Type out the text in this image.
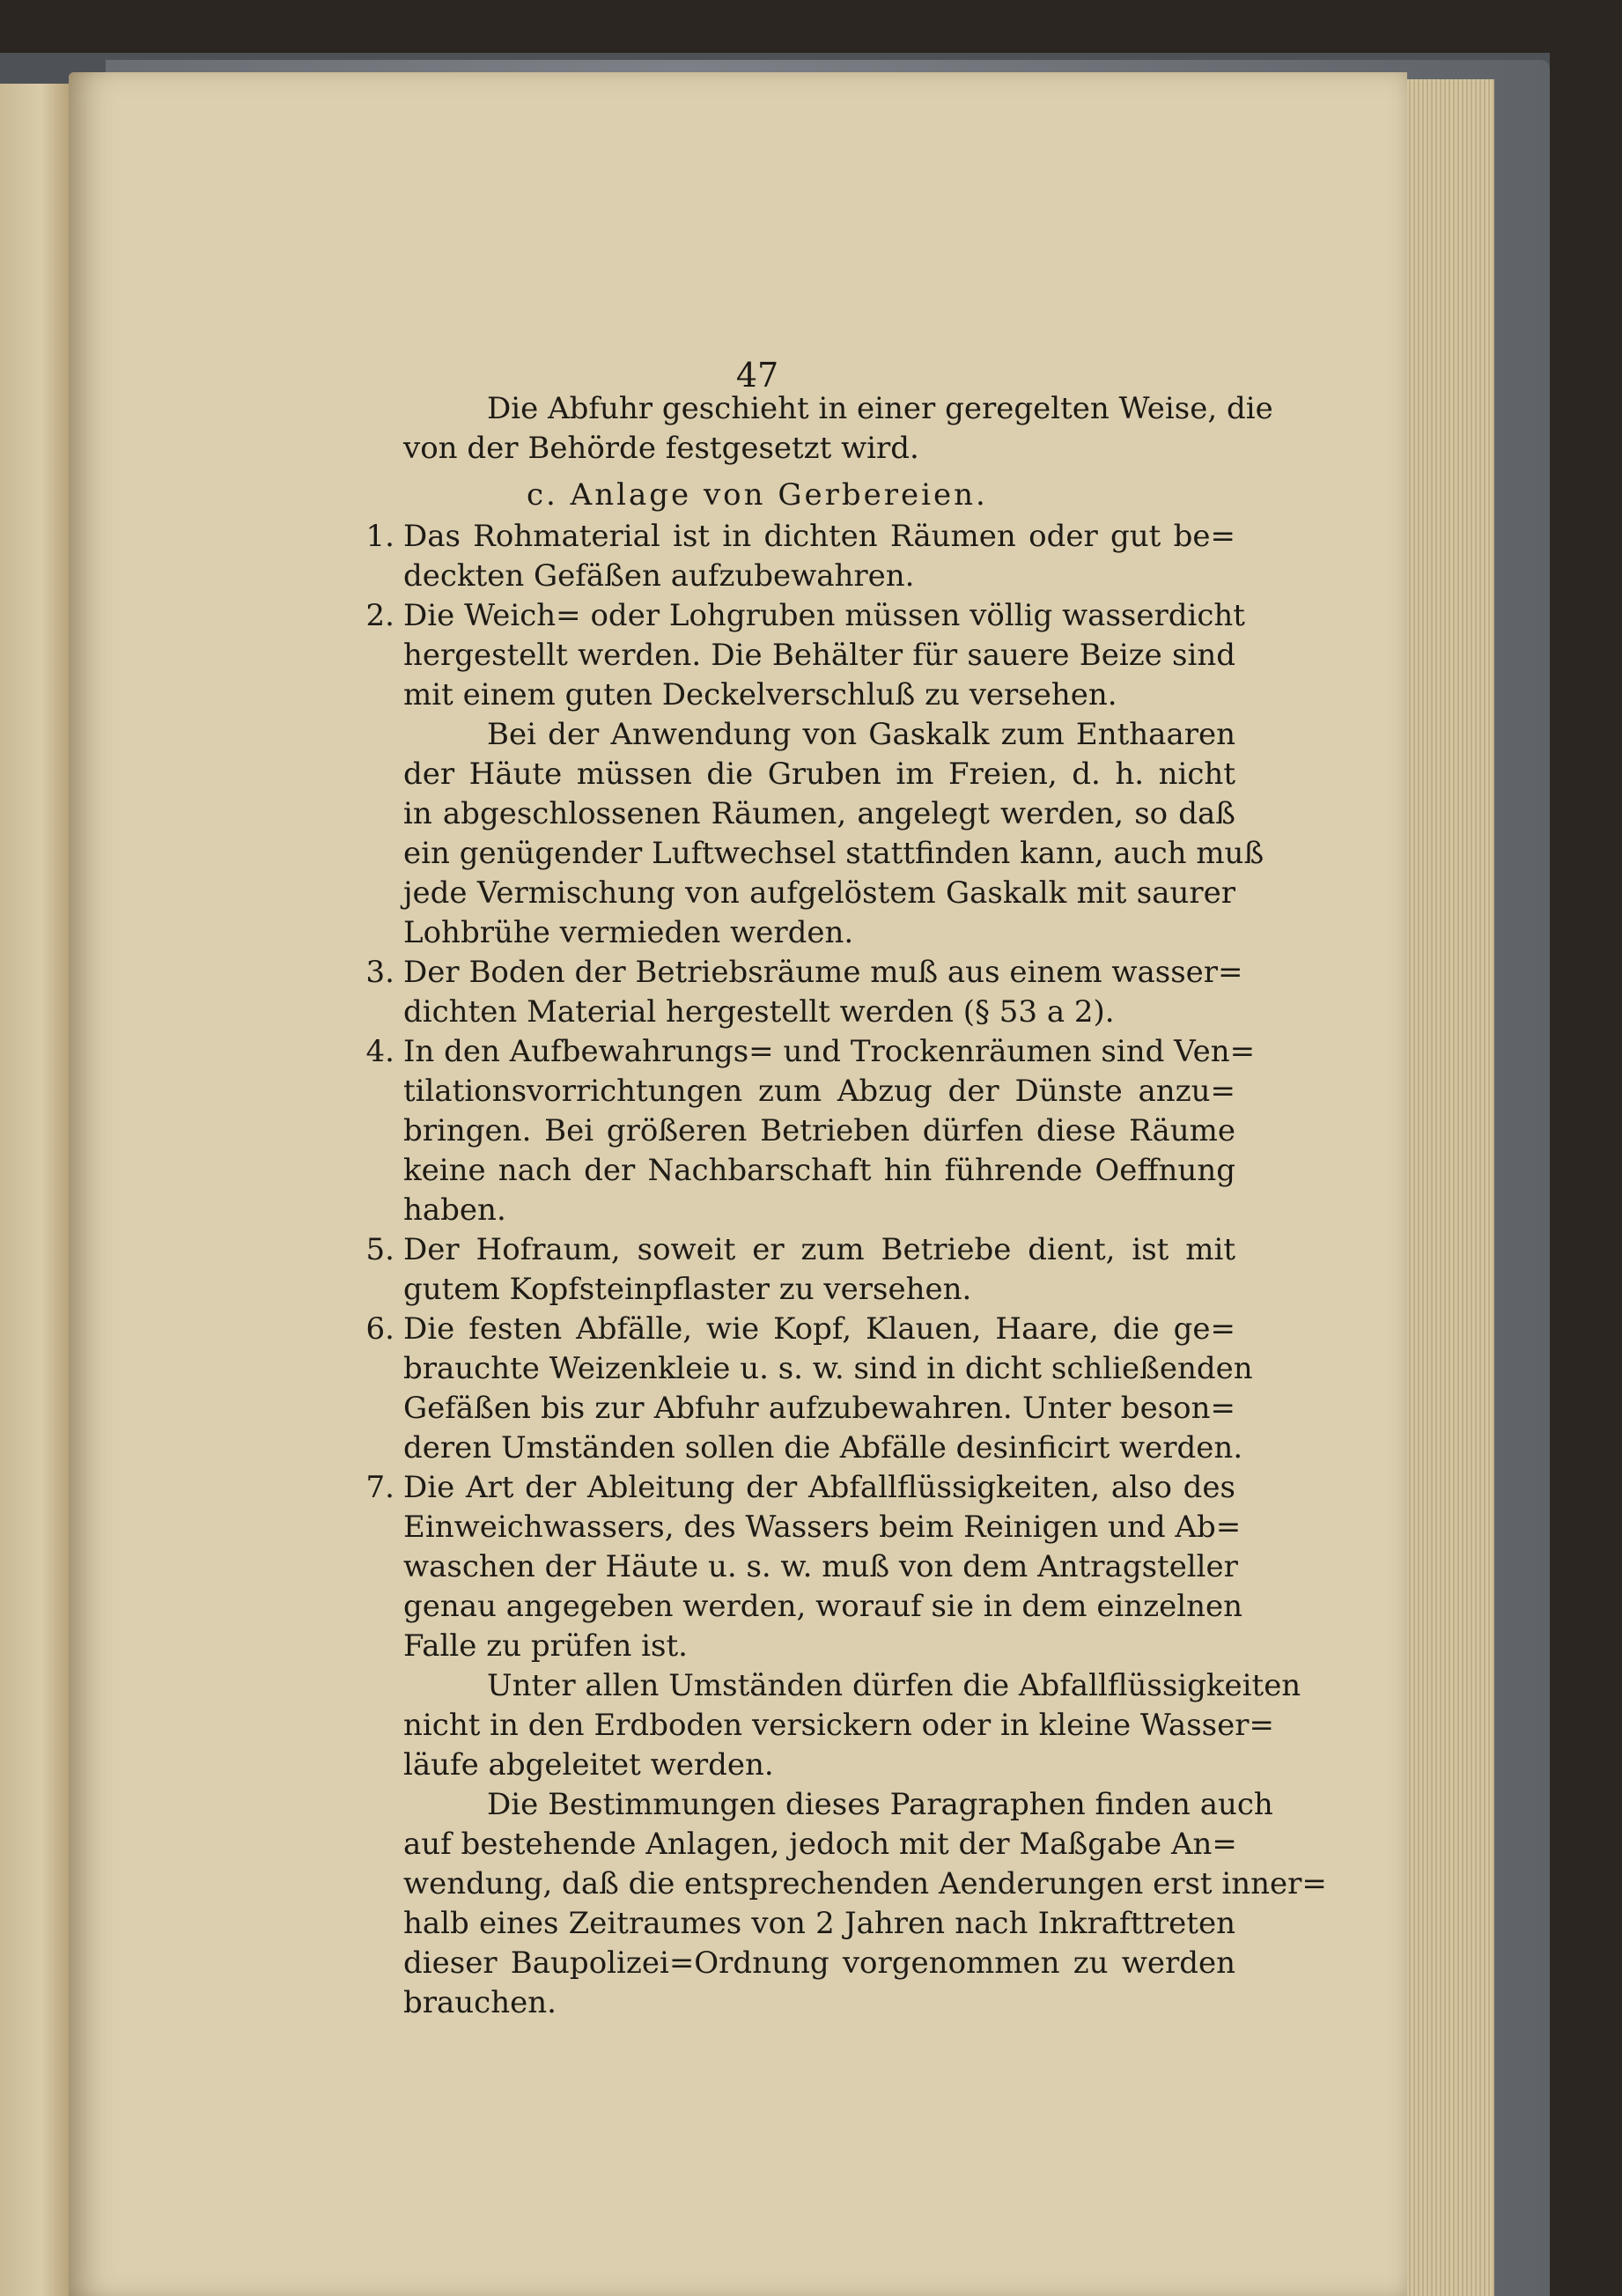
47
Die Abfuhr geschieht in einer geregelten Weise, die
von der Behörde festgesetzt wird.
c. Anlage von Gerbereien.
Das Rohmaterial ist in dichten Räumen oder gut be=
1.
deckten Gefäßen aufzubewahren.
Die Weich= oder Lohgruben müssen völlig wasserdicht
2.
hergestellt werden. Die Behälter für sauere Beize sind
mit einem guten Deckelverschluß zu versehen.
Bei der Anwendung von Gaskalk zum Enthaaren
der Häute müssen die Gruben im Freien, d. h. nicht
in abgeschlossenen Räumen, angelegt werden, so daß
ein genügender Luftwechsel stattfinden kann, auch muß
jede Vermischung von aufgelöstem Gaskalk mit saurer
Lohbrühe vermieden werden.
Der Boden der Betriebsräume muß aus einem wasser=
3.
dichten Material hergestellt werden (§ 53 a 2).
In den Aufbewahrungs= und Trockenräumen sind Ven=
4.
tilationsvorrichtungen zum Abzug der Dünste anzu=
bringen. Bei größeren Betrieben dürfen diese Räume
keine nach der Nachbarschaft hin führende Oeffnung
haben.
Der Hofraum, soweit er zum Betriebe dient, ist mit
5.
gutem Kopfsteinpflaster zu versehen.
Die festen Abfälle, wie Kopf, Klauen, Haare, die ge=
6.
brauchte Weizenkleie u. s. w. sind in dicht schließenden
Gefäßen bis zur Abfuhr aufzubewahren. Unter beson=
deren Umständen sollen die Abfälle desinficirt werden.
Die Art der Ableitung der Abfallflüssigkeiten, also des
7.
Einweichwassers, des Wassers beim Reinigen und Ab=
waschen der Häute u. s. w. muß von dem Antragsteller
genau angegeben werden, worauf sie in dem einzelnen
Falle zu prüfen ist.
Unter allen Umständen dürfen die Abfallflüssigkeiten
nicht in den Erdboden versickern oder in kleine Wasser=
läufe abgeleitet werden.
Die Bestimmungen dieses Paragraphen finden auch
auf bestehende Anlagen, jedoch mit der Maßgabe An=
wendung, daß die entsprechenden Aenderungen erst inner=
halb eines Zeitraumes von 2 Jahren nach Inkrafttreten
dieser Baupolizei=Ordnung vorgenommen zu werden
brauchen.
